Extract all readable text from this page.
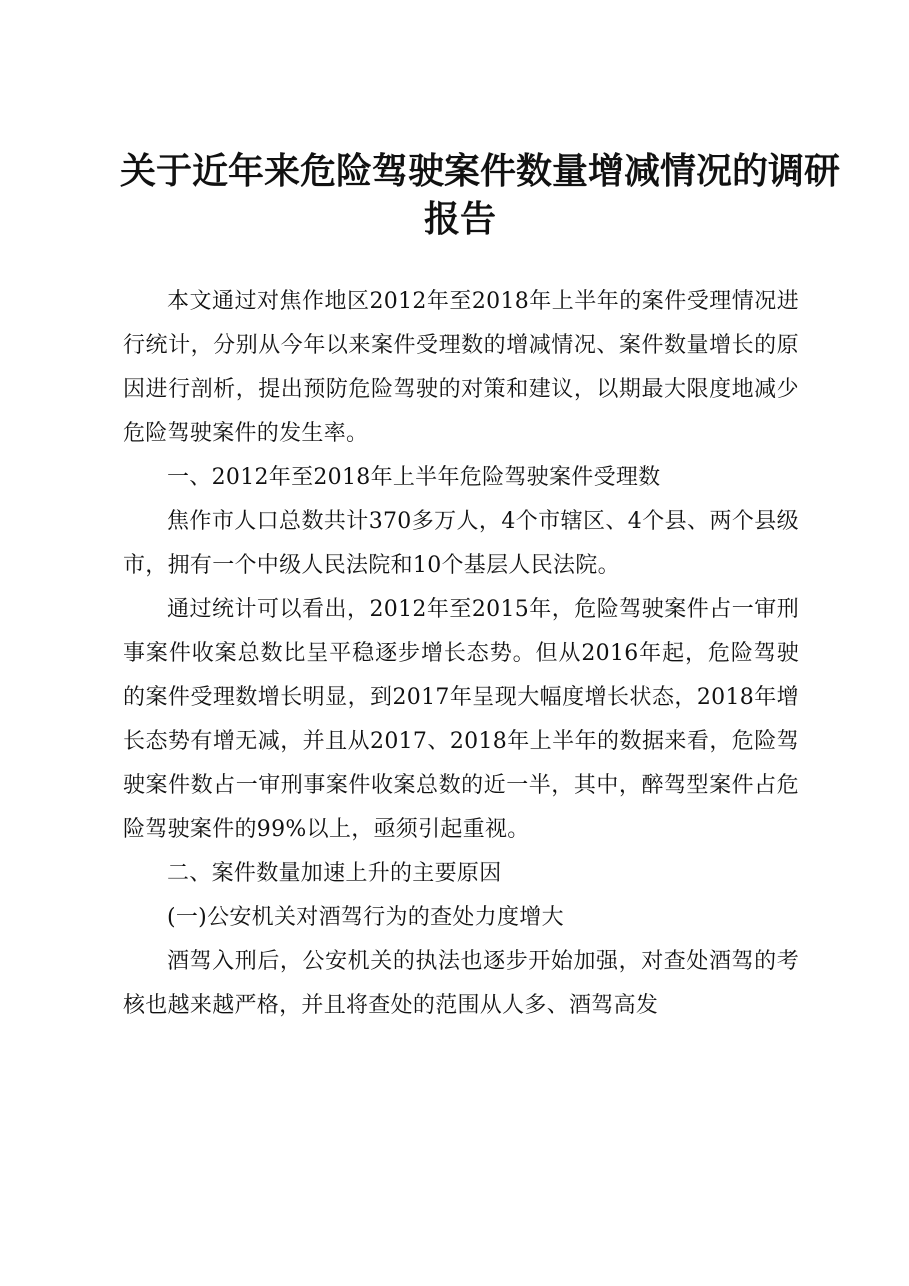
关于近年来危险驾驶案件数量增减情况的调研
报告

本文通过对焦作地区2012年至2018年上半年的案件受理情况进行统计，分别从今年以来案件受理数的增减情况、案件数量增长的原因进行剖析，提出预防危险驾驶的对策和建议，以期最大限度地减少危险驾驶案件的发生率。

一、2012年至2018年上半年危险驾驶案件受理数

焦作市人口总数共计370多万人，4个市辖区、4个县、两个县级市，拥有一个中级人民法院和10个基层人民法院。

通过统计可以看出，2012年至2015年，危险驾驶案件占一审刑事案件收案总数比呈平稳逐步增长态势。但从2016年起，危险驾驶的案件受理数增长明显，到2017年呈现大幅度增长状态，2018年增长态势有增无减，并且从2017、2018年上半年的数据来看，危险驾驶案件数占一审刑事案件收案总数的近一半，其中，醉驾型案件占危险驾驶案件的99%以上，亟须引起重视。

二、案件数量加速上升的主要原因

(一)公安机关对酒驾行为的查处力度增大

酒驾入刑后，公安机关的执法也逐步开始加强，对查处酒驾的考核也越来越严格，并且将查处的范围从人多、酒驾高发
